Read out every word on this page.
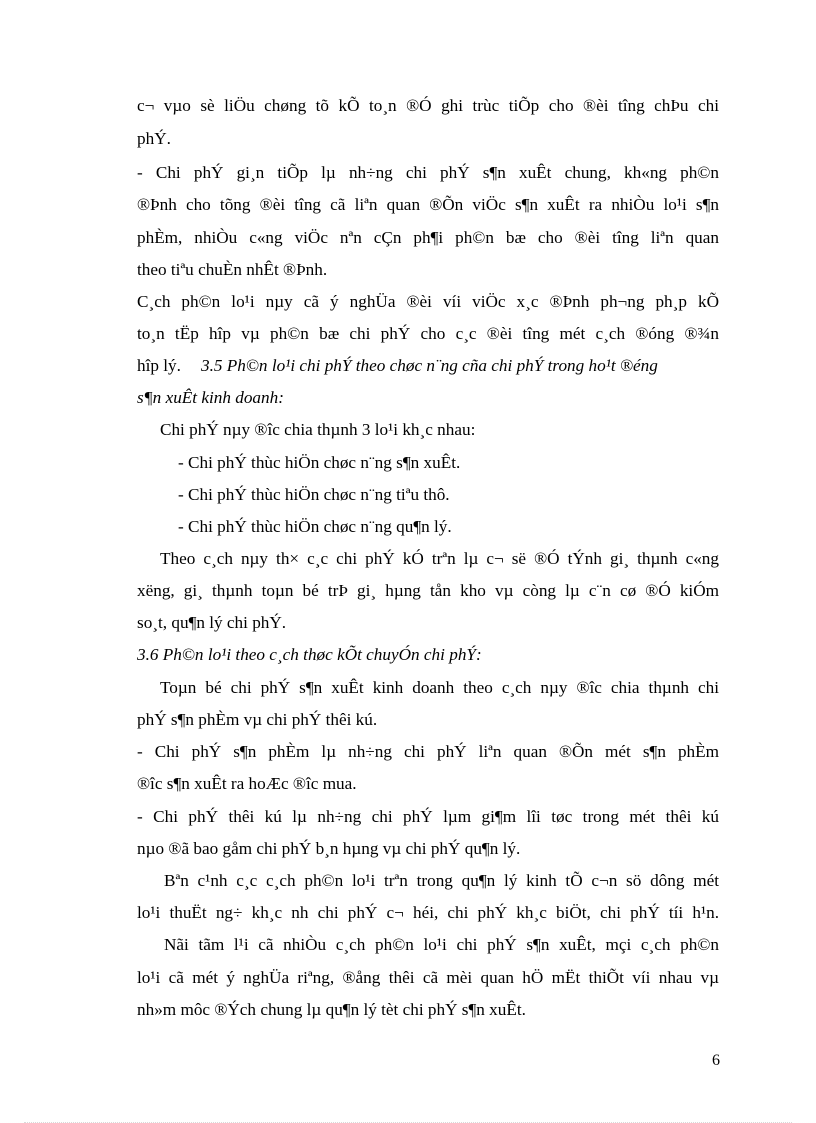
c¬ vµo sè liÖu chøng tõ kÕ to¸n ®Ó ghi trùc tiÕp cho ®èi tîng chÞu chi
phÝ.
- Chi phÝ gi¸n tiÕp lµ nh÷ng chi phÝ s¶n xuÊt chung, kh«ng ph©n
®Þnh cho tõng ®èi tîng cã liªn quan ®Õn viÖc s¶n xuÊt ra nhiÒu lo¹i s¶n
phÈm, nhiÒu c«ng viÖc nªn cÇn ph¶i ph©n bæ cho ®èi tîng liªn quan
theo tiªu chuÈn nhÊt ®Þnh.
C¸ch ph©n lo¹i nµy cã ý nghÜa ®èi víi viÖc x¸c ®Þnh ph¬ng ph¸p kÕ
to¸n tËp hîp vµ ph©n bæ chi phÝ cho c¸c ®èi tîng mét c¸ch ®óng ®¾n
hîp lý. 3.5 Ph©n lo¹i chi phÝ theo chøc n¨ng cña chi phÝ trong ho¹t ®éng
s¶n xuÊt kinh doanh:
Chi phÝ nµy ®îc chia thµnh 3 lo¹i kh¸c nhau:
- Chi phÝ thùc hiÖn chøc n¨ng s¶n xuÊt.
- Chi phÝ thùc hiÖn chøc n¨ng tiªu thô.
- Chi phÝ thùc hiÖn chøc n¨ng qu¶n lý.
Theo c¸ch nµy th× c¸c chi phÝ kÓ trªn lµ c¬ së ®Ó tÝnh gi¸ thµnh c«ng
xëng, gi¸ thµnh toµn bé trÞ gi¸ hµng tån kho vµ còng lµ c¨n cø ®Ó kiÓm
so¸t, qu¶n lý chi phÝ.
3.6 Ph©n lo¹i theo c¸ch thøc kÕt chuyÓn chi phÝ:
Toµn bé chi phÝ s¶n xuÊt kinh doanh theo c¸ch nµy ®îc chia thµnh chi
phÝ s¶n phÈm vµ chi phÝ thêi kú.
- Chi phÝ s¶n phÈm lµ nh÷ng chi phÝ liªn quan ®Õn mét s¶n phÈm
®îc s¶n xuÊt ra hoÆc ®îc mua.
- Chi phÝ thêi kú lµ nh÷ng chi phÝ lµm gi¶m lîi tøc trong mét thêi kú
nµo ®ã bao gåm chi phÝ b¸n hµng vµ chi phÝ qu¶n lý.
Bªn c¹nh c¸c c¸ch ph©n lo¹i trªn trong qu¶n lý kinh tÕ c¬n sö dông mét
lo¹i thuËt ng÷ kh¸c nh chi phÝ c¬ héi, chi phÝ kh¸c biÖt, chi phÝ tíi h¹n.
Nãi tãm l¹i cã nhiÒu c¸ch ph©n lo¹i chi phÝ s¶n xuÊt, mçi c¸ch ph©n
lo¹i cã mét ý nghÜa riªng, ®ång thêi cã mèi quan hÖ mËt thiÕt víi nhau vµ
nh»m môc ®Ých chung lµ qu¶n lý tèt chi phÝ s¶n xuÊt.
6
